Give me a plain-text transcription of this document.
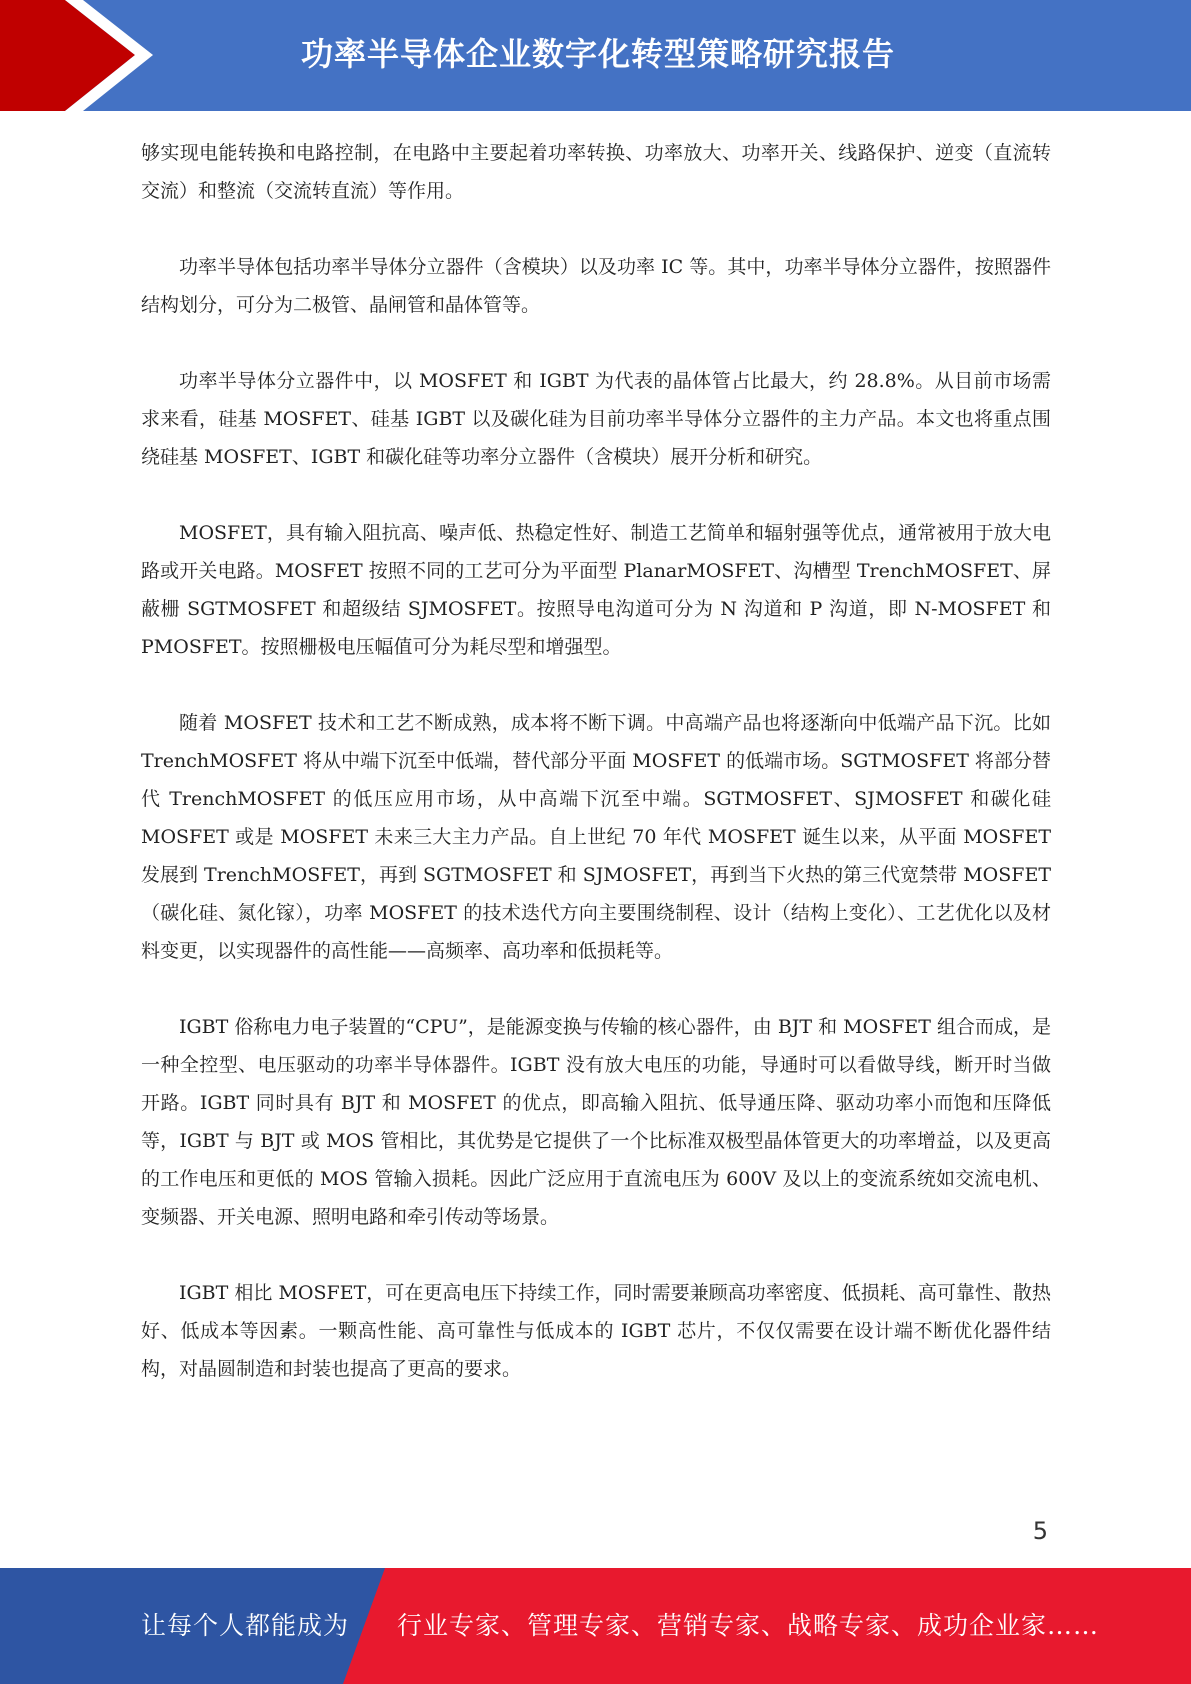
功率半导体企业数字化转型策略研究报告

够实现电能转换和电路控制，在电路中主要起着功率转换、功率放大、功率开关、线路保护、逆变（直流转交流）和整流（交流转直流）等作用。

功率半导体包括功率半导体分立器件（含模块）以及功率 IC 等。其中，功率半导体分立器件，按照器件结构划分，可分为二极管、晶闸管和晶体管等。

功率半导体分立器件中，以 MOSFET 和 IGBT 为代表的晶体管占比最大，约 28.8%。从目前市场需求来看，硅基 MOSFET、硅基 IGBT 以及碳化硅为目前功率半导体分立器件的主力产品。本文也将重点围绕硅基 MOSFET、IGBT 和碳化硅等功率分立器件（含模块）展开分析和研究。

MOSFET，具有输入阻抗高、噪声低、热稳定性好、制造工艺简单和辐射强等优点，通常被用于放大电路或开关电路。MOSFET 按照不同的工艺可分为平面型 PlanarMOSFET、沟槽型 TrenchMOSFET、屏蔽栅 SGTMOSFET 和超级结 SJMOSFET。按照导电沟道可分为 N 沟道和 P 沟道，即 N-MOSFET 和 PMOSFET。按照栅极电压幅值可分为耗尽型和增强型。

随着 MOSFET 技术和工艺不断成熟，成本将不断下调。中高端产品也将逐渐向中低端产品下沉。比如 TrenchMOSFET 将从中端下沉至中低端，替代部分平面 MOSFET 的低端市场。SGTMOSFET 将部分替代 TrenchMOSFET 的低压应用市场，从中高端下沉至中端。SGTMOSFET、SJMOSFET 和碳化硅 MOSFET 或是 MOSFET 未来三大主力产品。自上世纪 70 年代 MOSFET 诞生以来，从平面 MOSFET 发展到 TrenchMOSFET，再到 SGTMOSFET 和 SJMOSFET，再到当下火热的第三代宽禁带 MOSFET（碳化硅、氮化镓），功率 MOSFET 的技术迭代方向主要围绕制程、设计（结构上变化）、工艺优化以及材料变更，以实现器件的高性能——高频率、高功率和低损耗等。

IGBT 俗称电力电子装置的“CPU”，是能源变换与传输的核心器件，由 BJT 和 MOSFET 组合而成，是一种全控型、电压驱动的功率半导体器件。IGBT 没有放大电压的功能，导通时可以看做导线，断开时当做开路。IGBT 同时具有 BJT 和 MOSFET 的优点，即高输入阻抗、低导通压降、驱动功率小而饱和压降低等，IGBT 与 BJT 或 MOS 管相比，其优势是它提供了一个比标准双极型晶体管更大的功率增益，以及更高的工作电压和更低的 MOS 管输入损耗。因此广泛应用于直流电压为 600V 及以上的变流系统如交流电机、变频器、开关电源、照明电路和牵引传动等场景。

IGBT 相比 MOSFET，可在更高电压下持续工作，同时需要兼顾高功率密度、低损耗、高可靠性、散热好、低成本等因素。一颗高性能、高可靠性与低成本的 IGBT 芯片，不仅仅需要在设计端不断优化器件结构，对晶圆制造和封装也提高了更高的要求。

5
让每个人都能成为 行业专家、管理专家、营销专家、战略专家、成功企业家……
